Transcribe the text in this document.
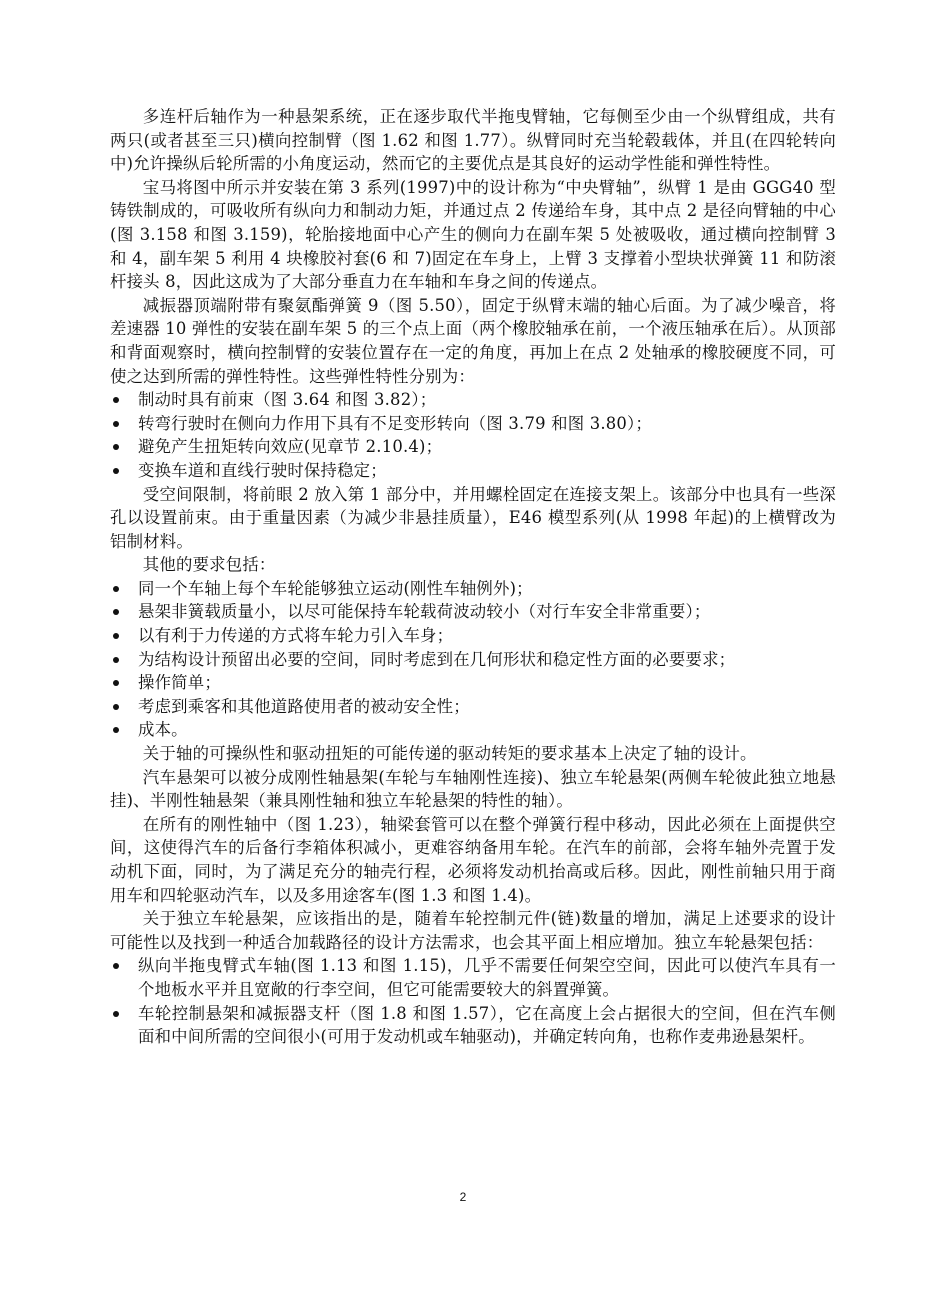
多连杆后轴作为一种悬架系统，正在逐步取代半拖曳臂轴，它每侧至少由一个纵臂组成，共有两只(或者甚至三只)横向控制臂（图 1.62 和图 1.77）。纵臂同时充当轮毂载体，并且(在四轮转向中)允许操纵后轮所需的小角度运动，然而它的主要优点是其良好的运动学性能和弹性特性。

宝马将图中所示并安装在第 3 系列(1997)中的设计称为“中央臂轴”，纵臂 1 是由 GGG40 型铸铁制成的，可吸收所有纵向力和制动力矩，并通过点 2 传递给车身，其中点 2 是径向臂轴的中心(图 3.158 和图 3.159)，轮胎接地面中心产生的侧向力在副车架 5 处被吸收，通过横向控制臂 3 和 4，副车架 5 利用 4 块橡胶衬套(6 和 7)固定在车身上，上臂 3 支撑着小型块状弹簧 11 和防滚杆接头 8，因此这成为了大部分垂直力在车轴和车身之间的传递点。

减振器顶端附带有聚氨酯弹簧 9（图 5.50），固定于纵臂末端的轴心后面。为了减少噪音，将差速器 10 弹性的安装在副车架 5 的三个点上面（两个橡胶轴承在前，一个液压轴承在后）。从顶部和背面观察时，横向控制臂的安装位置存在一定的角度，再加上在点 2 处轴承的橡胶硬度不同，可使之达到所需的弹性特性。这些弹性特性分别为：

制动时具有前束（图 3.64 和图 3.82）；
转弯行驶时在侧向力作用下具有不足变形转向（图 3.79 和图 3.80）；
避免产生扭矩转向效应(见章节 2.10.4)；
变换车道和直线行驶时保持稳定；

受空间限制，将前眼 2 放入第 1 部分中，并用螺栓固定在连接支架上。该部分中也具有一些深孔以设置前束。由于重量因素（为减少非悬挂质量），E46 模型系列(从 1998 年起)的上横臂改为铝制材料。

其他的要求包括：

同一个车轴上每个车轮能够独立运动(刚性车轴例外)；
悬架非簧载质量小，以尽可能保持车轮载荷波动较小（对行车安全非常重要）；
以有利于力传递的方式将车轮力引入车身；
为结构设计预留出必要的空间，同时考虑到在几何形状和稳定性方面的必要要求；
操作简单；
考虑到乘客和其他道路使用者的被动安全性；
成本。

关于轴的可操纵性和驱动扭矩的可能传递的驱动转矩的要求基本上决定了轴的设计。

汽车悬架可以被分成刚性轴悬架(车轮与车轴刚性连接)、独立车轮悬架(两侧车轮彼此独立地悬挂)、半刚性轴悬架（兼具刚性轴和独立车轮悬架的特性的轴）。

在所有的刚性轴中（图 1.23），轴梁套管可以在整个弹簧行程中移动，因此必须在上面提供空间，这使得汽车的后备行李箱体积减小，更难容纳备用车轮。在汽车的前部，会将车轴外壳置于发动机下面，同时，为了满足充分的轴壳行程，必须将发动机抬高或后移。因此，刚性前轴只用于商用车和四轮驱动汽车，以及多用途客车(图 1.3 和图 1.4)。

关于独立车轮悬架，应该指出的是，随着车轮控制元件(链)数量的增加，满足上述要求的设计可能性以及找到一种适合加载路径的设计方法需求，也会其平面上相应增加。独立车轮悬架包括：

纵向半拖曳臂式车轴(图 1.13 和图 1.15)，几乎不需要任何架空空间，因此可以使汽车具有一个地板水平并且宽敞的行李空间，但它可能需要较大的斜置弹簧。
车轮控制悬架和减振器支杆（图 1.8 和图 1.57），它在高度上会占据很大的空间，但在汽车侧面和中间所需的空间很小(可用于发动机或车轴驱动)，并确定转向角，也称作麦弗逊悬架杆。
2
